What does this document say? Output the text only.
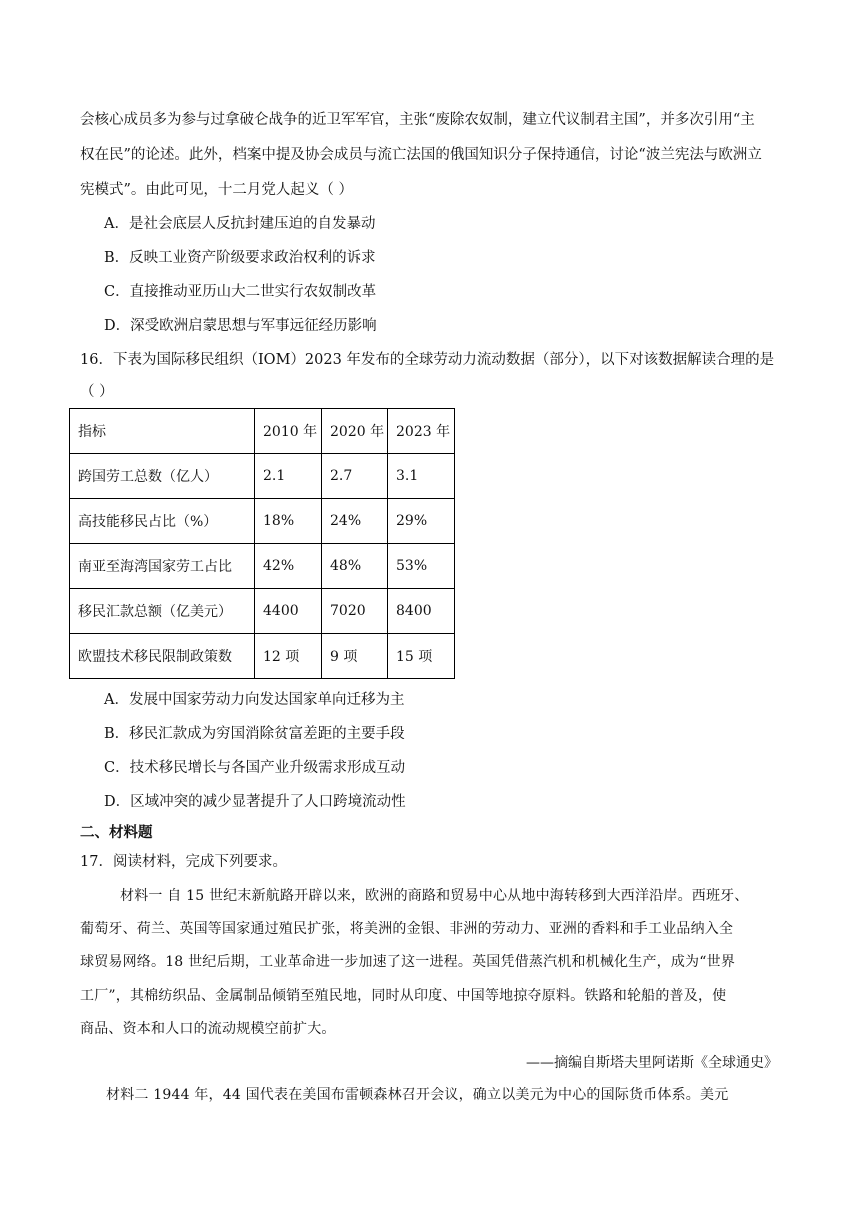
会核心成员多为参与过拿破仑战争的近卫军军官，主张“废除农奴制，建立代议制君主国”，并多次引用“主
权在民”的论述。此外，档案中提及协会成员与流亡法国的俄国知识分子保持通信，讨论“波兰宪法与欧洲立
宪模式”。由此可见，十二月党人起义（ ）
A．是社会底层人反抗封建压迫的自发暴动
B．反映工业资产阶级要求政治权利的诉求
C．直接推动亚历山大二世实行农奴制改革
D．深受欧洲启蒙思想与军事远征经历影响
16．下表为国际移民组织（IOM）2023 年发布的全球劳动力流动数据（部分），以下对该数据解读合理的是
（ ）
指标	2010 年	2020 年	2023 年
跨国劳工总数（亿人）	2.1	2.7	3.1
高技能移民占比（%）	18%	24%	29%
南亚至海湾国家劳工占比	42%	48%	53%
移民汇款总额（亿美元）	4400	7020	8400
欧盟技术移民限制政策数	12 项	9 项	15 项
A．发展中国家劳动力向发达国家单向迁移为主
B．移民汇款成为穷国消除贫富差距的主要手段
C．技术移民增长与各国产业升级需求形成互动
D．区域冲突的减少显著提升了人口跨境流动性
二、材料题
17．阅读材料，完成下列要求。
材料一 自 15 世纪末新航路开辟以来，欧洲的商路和贸易中心从地中海转移到大西洋沿岸。西班牙、
葡萄牙、荷兰、英国等国家通过殖民扩张，将美洲的金银、非洲的劳动力、亚洲的香料和手工业品纳入全
球贸易网络。18 世纪后期，工业革命进一步加速了这一进程。英国凭借蒸汽机和机械化生产，成为“世界
工厂”，其棉纺织品、金属制品倾销至殖民地，同时从印度、中国等地掠夺原料。铁路和轮船的普及，使
商品、资本和人口的流动规模空前扩大。
——摘编自斯塔夫里阿诺斯《全球通史》
材料二 1944 年，44 国代表在美国布雷顿森林召开会议，确立以美元为中心的国际货币体系。美元
